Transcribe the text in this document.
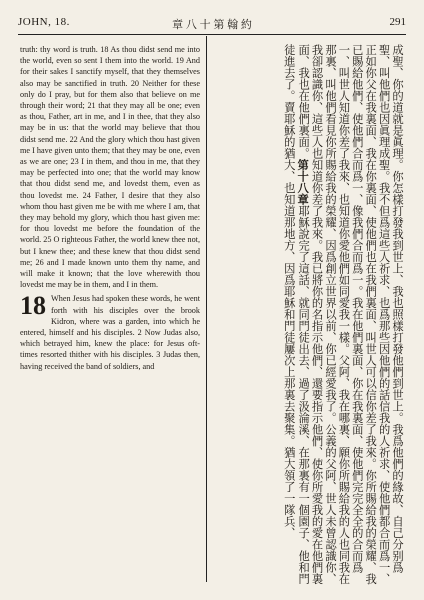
JOHN, 18.	章 八 十 第 翰 約	291

truth: thy word is truth. 18 As thou didst send me into the world, even so sent I them into the world. 19 And for their sakes I sanctify myself, that they themselves also may be sanctified in truth. 20 Neither for these only do I pray, but for them also that believe on me through their word; 21 that they may all be one; even as thou, Father, art in me, and I in thee, that they also may be in us: that the world may believe that thou didst send me. 22 And the glory which thou hast given me I have given unto them; that they may be one, even as we are one; 23 I in them, and thou in me, that they may be perfected into one; that the world may know that thou didst send me, and lovedst them, even as thou lovedst me. 24 Father, I desire that they also whom thou hast given me be with me where I am, that they may behold my glory, which thou hast given me: for thou lovedst me before the foundation of the world. 25 O righteous Father, the world knew thee not, but I knew thee; and these knew that thou didst send me; 26 and I made known unto them thy name, and will make it known; that the love wherewith thou lovedst me may be in them, and I in them.

18 When Jesus had spoken these words, he went forth with his disciples over the brook Kidron, where was a garden, into which he entered, himself and his disciples. 2 Now Judas also, which betrayed him, knew the place: for Jesus oft-times resorted thither with his disciples. 3 Judas then, having received the band of soldiers, and	成聖、你的道就是眞理。你怎樣打發我到世上、我也照樣打發他們到世上。我爲他們的緣故、自己分别爲聖、叫他們也因眞理成聖。我不但爲這些人祈求、也爲那些因他們的話信我的人祈求、使他們都合而爲一、正如你父在我裏面、我在你裏面、使他們也在我們裏面、叫世人可以信你差了我來。你所賜給我的榮耀、我已賜給他們、使他們合而爲一、像我們合而爲一。我在他們裏面、你在我裏面、使他們完完全全的合而爲一、叫世人知道你差了我來、也知道你愛他們如同愛我一樣。父阿、我在哪裏、願你所賜給我的人也同我在那裏、叫他們看見你所賜給我的榮耀、因爲創立世界以前、你已經愛我了。公義的父阿、世人未曾認識你、我卻認識你、這些人也知道你差了我來。我已將你的名指示他們、還要指示他們、使你所愛我的愛在他們裏面、我也在他們裏面。第十八章耶穌說完了這話、就同門徒出去、過了汲淪溪、在那裏有一個園子、他和門徒進去了。賣耶穌的猶大、也知道那地方、因爲耶穌和門徒屢次上那裏去聚集。猶大領了一隊兵、
